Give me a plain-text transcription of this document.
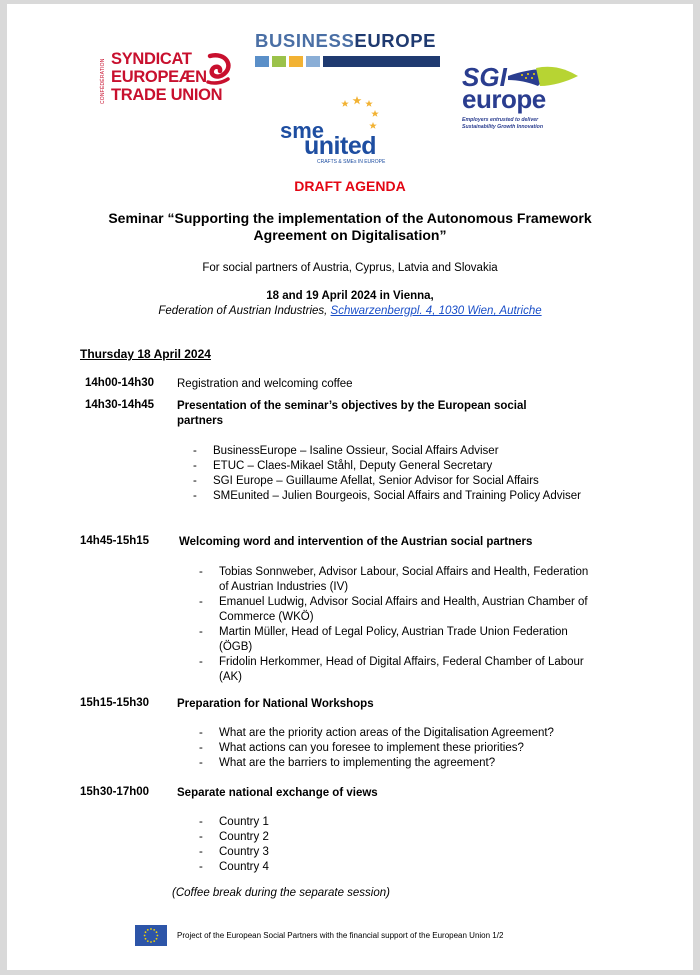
CONFÉDÉRATION SYNDICAT
EUROPEÆN
TRADE UNION
BUSINESSEUROPE
sme
united
CRAFTS & SMEs IN EUROPE
SGI
europe
Employers entrusted to deliver
Sustainability Growth Innovation
DRAFT AGENDA
Seminar “Supporting the implementation of the Autonomous Framework
Agreement on Digitalisation”
For social partners of Austria, Cyprus, Latvia and Slovakia
18 and 19 April 2024 in Vienna,
Federation of Austrian Industries, Schwarzenbergpl. 4, 1030 Wien, Autriche
Thursday 18 April 2024
14h00-14h30 Registration and welcoming coffee
14h30-14h45 Presentation of the seminar’s objectives by the European social
partners
- BusinessEurope – Isaline Ossieur, Social Affairs Adviser
- ETUC – Claes-Mikael Ståhl, Deputy General Secretary
- SGI Europe – Guillaume Afellat, Senior Advisor for Social Affairs
- SMEunited – Julien Bourgeois, Social Affairs and Training Policy Adviser
14h45-15h15	Welcoming word and intervention of the Austrian social partners
- Tobias Sonnweber, Advisor Labour, Social Affairs and Health, Federation of Austrian Industries (IV)
- Emanuel Ludwig, Advisor Social Affairs and Health, Austrian Chamber of Commerce (WKÖ)
- Martin Müller, Head of Legal Policy, Austrian Trade Union Federation (ÖGB)
- Fridolin Herkommer, Head of Digital Affairs, Federal Chamber of Labour (AK)
15h15-15h30 Preparation for National Workshops
- What are the priority action areas of the Digitalisation Agreement?
- What actions can you foresee to implement these priorities?
- What are the barriers to implementing the agreement?
15h30-17h00 Separate national exchange of views
- Country 1
- Country 2
- Country 3
- Country 4
(Coffee break during the separate session)
Project of the European Social Partners with the financial support of the European Union 1/2
